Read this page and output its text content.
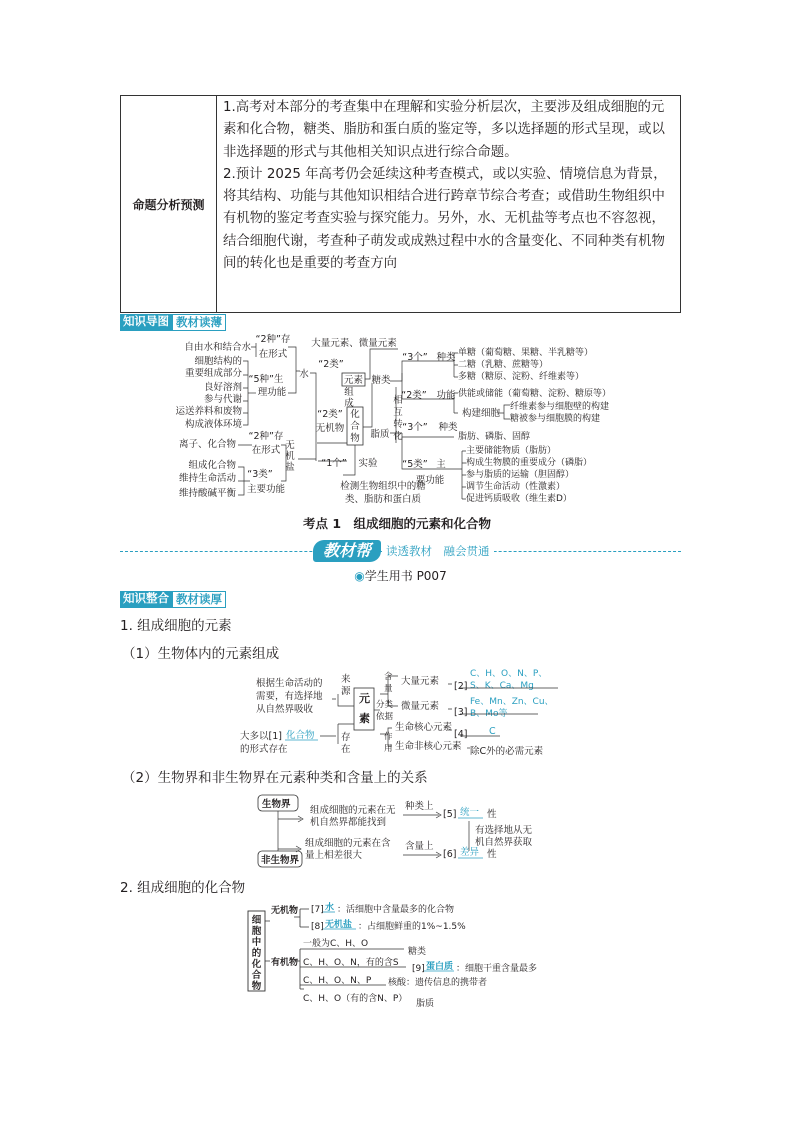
命题分析预测

1.高考对本部分的考查集中在理解和实验分析层次，主要涉及组成细胞的元素和化合物，糖类、脂肪和蛋白质的鉴定等，多以选择题的形式呈现，或以非选择题的形式与其他相关知识点进行综合命题。

2.预计 2025 年高考仍会延续这种考查模式，或以实验、情境信息为背景，将其结构、功能与其他知识相结合进行跨章节综合考查；或借助生物组织中有机物的鉴定考查实验与探究能力。另外，水、无机盐等考点也不容忽视，结合细胞代谢，考查种子萌发或成熟过程中水的含量变化、不同种类有机物间的转化也是重要的考查方向

知识导图 教材读薄
自由水和结合水
细胞结构的
重要组成部分
良好溶剂
参与代谢
运送养料和废物
构成液体环境
离子、化合物
组成化合物
维持生命活动
维持酸碱平衡
“2种”存
在形式
“5种”生
理功能
水
“2种”存
在形式
“3类”
主要功能
无
机
盐
大量元素、微量元素
“2类”
“2类”
无机物
组
成
化
合
物
“1个” 实验
检测生物组织中的糖
类、脂肪和蛋白质
糖类
“3个” 种类
“2类” 功能
构建细胞
相
互
转
化
脂质
“3个” 种类
“5类” 主
要功能
单糖（葡萄糖、果糖、半乳糖等）
二糖（乳糖、蔗糖等）
多糖（糖原、淀粉、纤维素等）
供能或储能（葡萄糖、淀粉、糖原等）
纤维素参与细胞壁的构建
糖被参与细胞膜的构建
脂肪、磷脂、固醇
主要储能物质（脂肪）
构成生物膜的重要成分（磷脂）
参与脂质的运输（胆固醇）
调节生命活动（性激素）
促进钙质吸收（维生素D）
元素
考点 1　组成细胞的元素和化合物
教材帮	读透教材　融会贯通
◉学生用书 P007
知识整合 教材读厚
1. 组成细胞的元素
（1）生物体内的元素组成
根据生命活动的
需要，有选择地
从自然界吸收
大多以[1] 化合物
的形式存在
来
源
存
在
元
素
分类
依据
含
量
作
用
大量元素 [2]
C、H、O、N、P、
S、K、Ca、Mg
微量元素
[3]
Fe、Mn、Zn、Cu、
B、Mo等
生命核心元素
[4] C
生命非核心元素 除C外的必需元素
（2）生物界和非生物界在元素种类和含量上的关系
生物界
非生物界
组成细胞的元素在无
机自然界都能找到
组成细胞的元素在含
量上相差很大
种类上
[5] 统一 性
含量上
[6] 差异 性
有选择地从无
机自然界获取
2. 组成细胞的化合物
细
胞
中
的
化
合
物
无机物 [7] 水 ：活细胞中含量最多的化合物
[8] 无机盐 ：占细胞鲜重的1%~1.5%
有机物
一般为C、H、O
糖类
C、H、O、N，有的含S
[9] 蛋白质 ：细胞干重含量最多
C、H、O、N、P 核酸：遗传信息的携带者
C、H、O（有的含N、P） 脂质
